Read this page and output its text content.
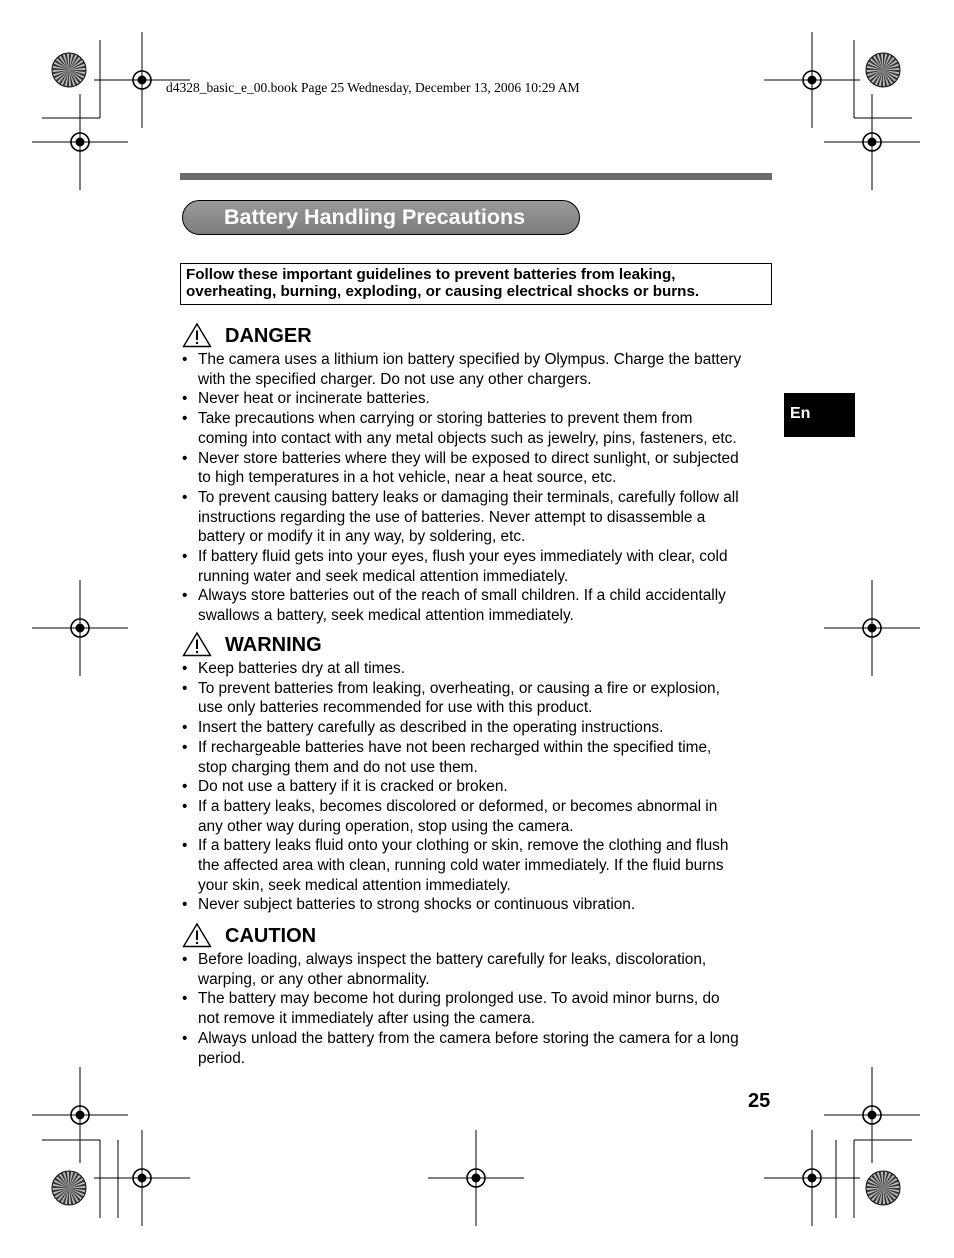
d4328_basic_e_00.book Page 25 Wednesday, December 13, 2006 10:29 AM
Battery Handling Precautions
Follow these important guidelines to prevent batteries from leaking,
overheating, burning, exploding, or causing electrical shocks or burns.
DANGER
• The camera uses a lithium ion battery specified by Olympus. Charge the battery
with the specified charger. Do not use any other chargers.
• Never heat or incinerate batteries.
• Take precautions when carrying or storing batteries to prevent them from
coming into contact with any metal objects such as jewelry, pins, fasteners, etc.
• Never store batteries where they will be exposed to direct sunlight, or subjected
to high temperatures in a hot vehicle, near a heat source, etc.
• To prevent causing battery leaks or damaging their terminals, carefully follow all
instructions regarding the use of batteries. Never attempt to disassemble a
battery or modify it in any way, by soldering, etc.
• If battery fluid gets into your eyes, flush your eyes immediately with clear, cold
running water and seek medical attention immediately.
• Always store batteries out of the reach of small children. If a child accidentally
swallows a battery, seek medical attention immediately.
WARNING
• Keep batteries dry at all times.
• To prevent batteries from leaking, overheating, or causing a fire or explosion,
use only batteries recommended for use with this product.
• Insert the battery carefully as described in the operating instructions.
• If rechargeable batteries have not been recharged within the specified time,
stop charging them and do not use them.
• Do not use a battery if it is cracked or broken.
• If a battery leaks, becomes discolored or deformed, or becomes abnormal in
any other way during operation, stop using the camera.
• If a battery leaks fluid onto your clothing or skin, remove the clothing and flush
the affected area with clean, running cold water immediately. If the fluid burns
your skin, seek medical attention immediately.
• Never subject batteries to strong shocks or continuous vibration.
CAUTION
• Before loading, always inspect the battery carefully for leaks, discoloration,
warping, or any other abnormality.
• The battery may become hot during prolonged use. To avoid minor burns, do
not remove it immediately after using the camera.
• Always unload the battery from the camera before storing the camera for a long
period.
En
25
